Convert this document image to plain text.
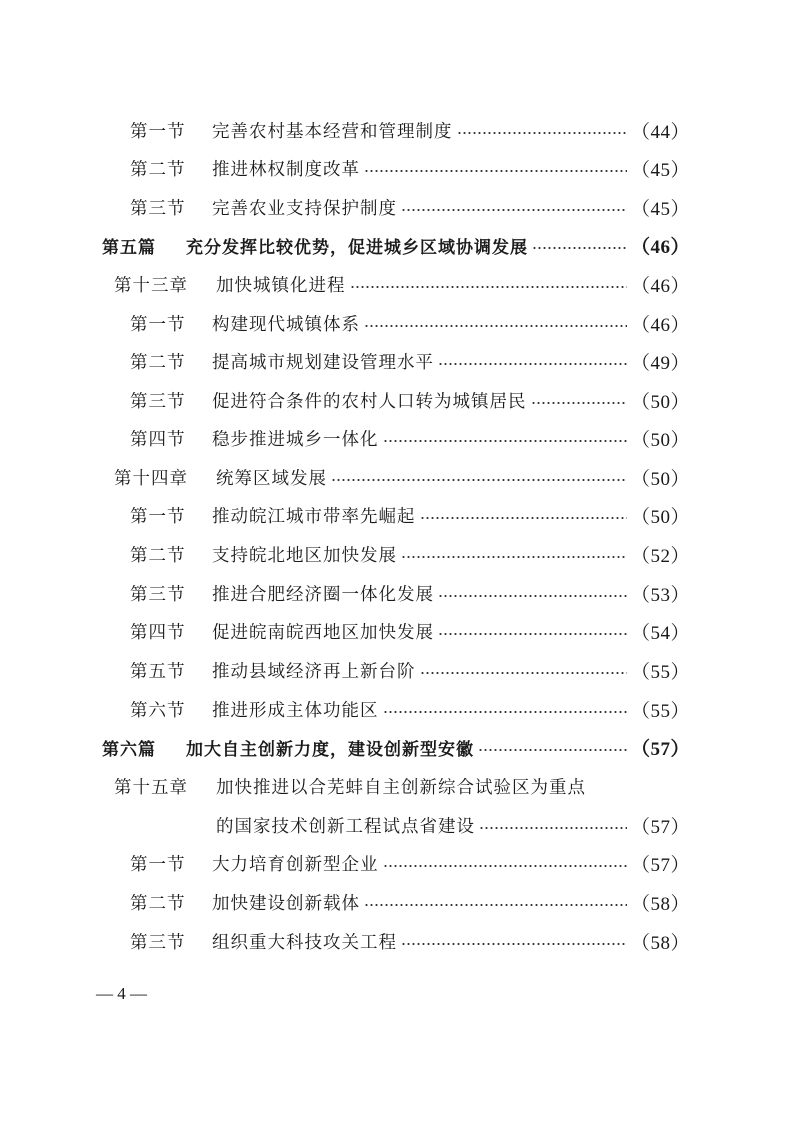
第一节	完善农村基本经营和管理制度	（44）
第二节	推进林权制度改革	（45）
第三节	完善农业支持保护制度	（45）
第五篇	充分发挥比较优势，促进城乡区域协调发展	（46）
第十三章	加快城镇化进程	（46）
第一节	构建现代城镇体系	（46）
第二节	提高城市规划建设管理水平	（49）
第三节	促进符合条件的农村人口转为城镇居民	（50）
第四节	稳步推进城乡一体化	（50）
第十四章	统筹区域发展	（50）
第一节	推动皖江城市带率先崛起	（50）
第二节	支持皖北地区加快发展	（52）
第三节	推进合肥经济圈一体化发展	（53）
第四节	促进皖南皖西地区加快发展	（54）
第五节	推动县域经济再上新台阶	（55）
第六节	推进形成主体功能区	（55）
第六篇	加大自主创新力度，建设创新型安徽	（57）
第十五章	加快推进以合芜蚌自主创新综合试验区为重点
的国家技术创新工程试点省建设	（57）
第一节	大力培育创新型企业	（57）
第二节	加快建设创新载体	（58）
第三节	组织重大科技攻关工程	（58）
— 4 —
